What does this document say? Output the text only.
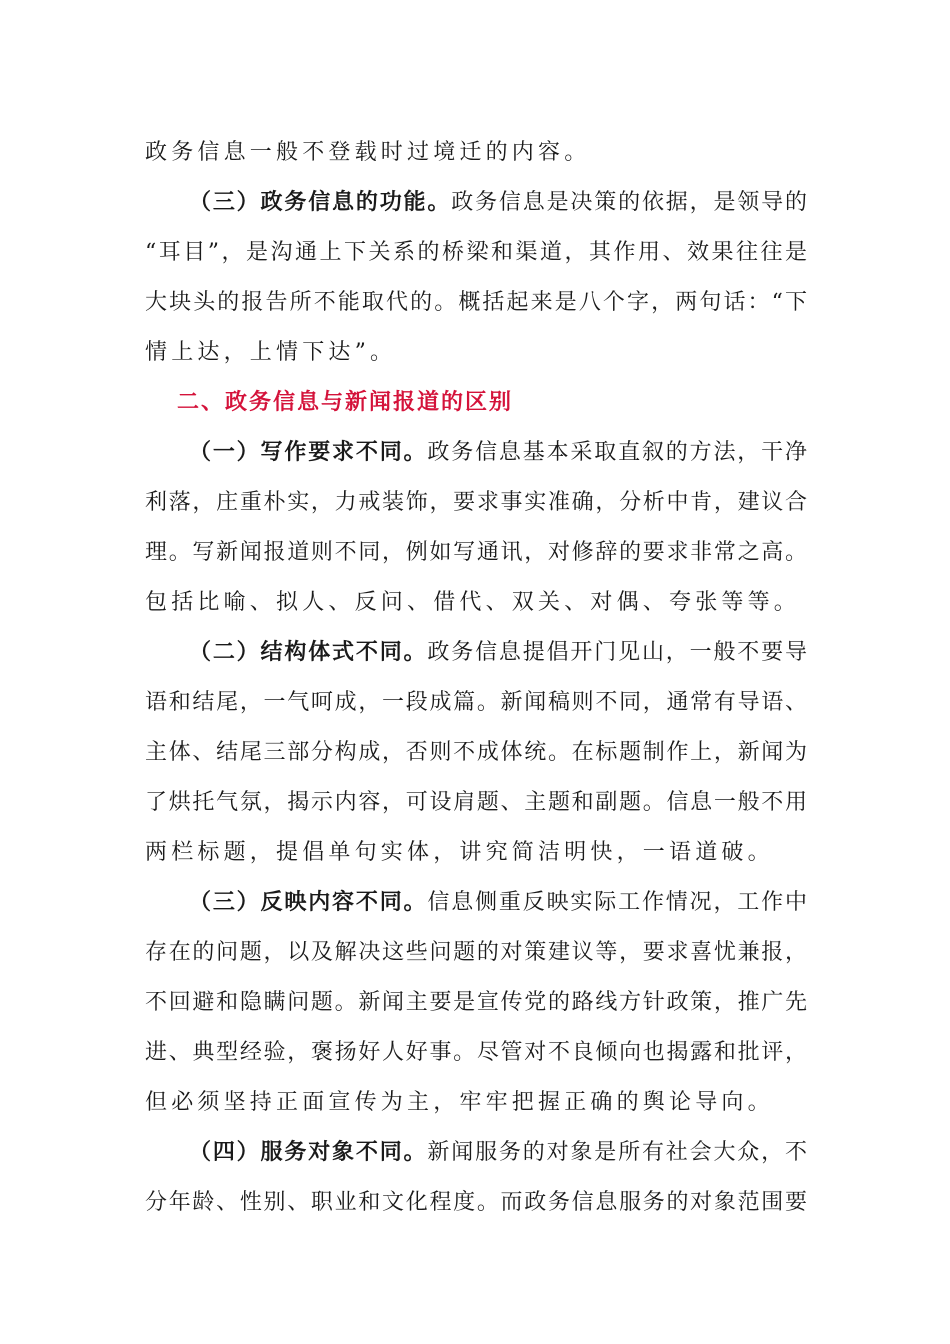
政务信息一般不登载时过境迁的内容。
（三）政务信息的功能。政务信息是决策的依据，是领导的
“耳目”，是沟通上下关系的桥梁和渠道，其作用、效果往往是
大块头的报告所不能取代的。概括起来是八个字，两句话：“下
情上达，上情下达”。
二、政务信息与新闻报道的区别
（一）写作要求不同。政务信息基本采取直叙的方法，干净
利落，庄重朴实，力戒装饰，要求事实准确，分析中肯，建议合
理。写新闻报道则不同，例如写通讯，对修辞的要求非常之高。
包括比喻、拟人、反问、借代、双关、对偶、夸张等等。
（二）结构体式不同。政务信息提倡开门见山，一般不要导
语和结尾，一气呵成，一段成篇。新闻稿则不同，通常有导语、
主体、结尾三部分构成，否则不成体统。在标题制作上，新闻为
了烘托气氛，揭示内容，可设肩题、主题和副题。信息一般不用
两栏标题，提倡单句实体，讲究简洁明快，一语道破。
（三）反映内容不同。信息侧重反映实际工作情况，工作中
存在的问题，以及解决这些问题的对策建议等，要求喜忧兼报，
不回避和隐瞒问题。新闻主要是宣传党的路线方针政策，推广先
进、典型经验，褒扬好人好事。尽管对不良倾向也揭露和批评，
但必须坚持正面宣传为主，牢牢把握正确的舆论导向。
（四）服务对象不同。新闻服务的对象是所有社会大众，不
分年龄、性别、职业和文化程度。而政务信息服务的对象范围要
